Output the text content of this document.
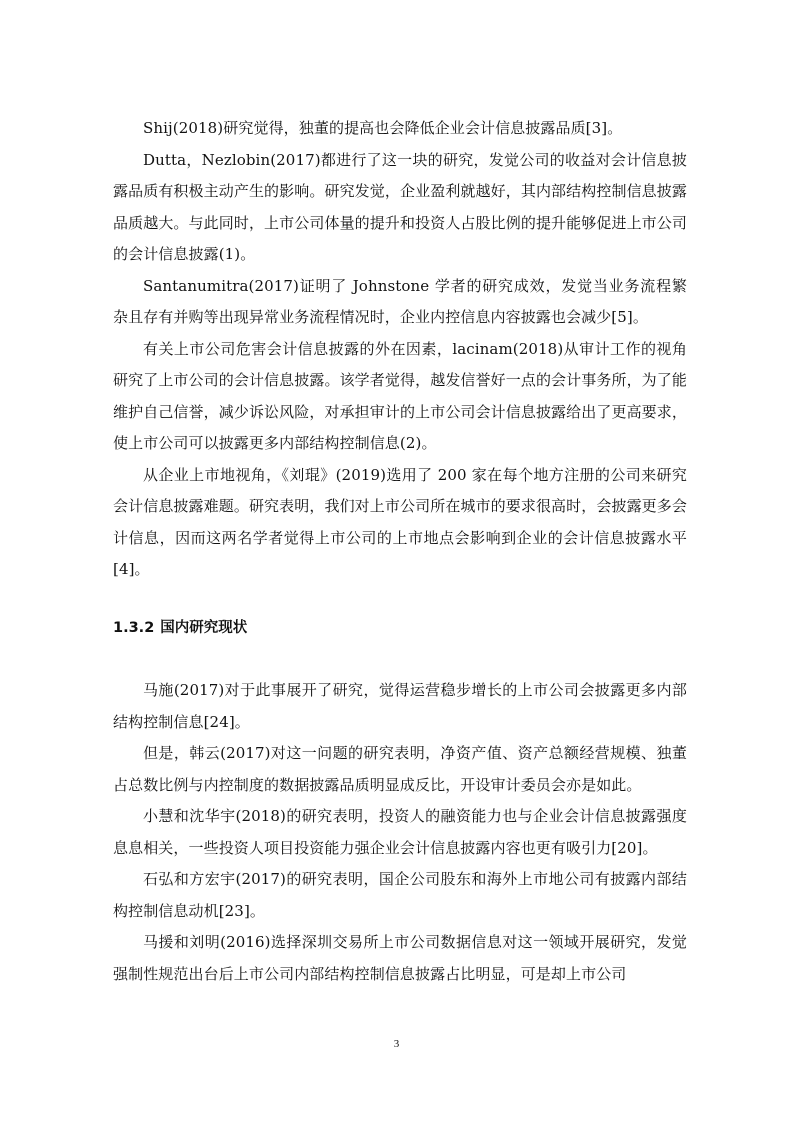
Shij(2018)研究觉得，独董的提高也会降低企业会计信息披露品质[3]。

Dutta，Nezlobin(2017)都进行了这一块的研究，发觉公司的收益对会计信息披露品质有积极主动产生的影响。研究发觉，企业盈利就越好，其内部结构控制信息披露品质越大。与此同时，上市公司体量的提升和投资人占股比例的提升能够促进上市公司的会计信息披露(1)。

Santanumitra(2017)证明了 Johnstone 学者的研究成效，发觉当业务流程繁杂且存有并购等出现异常业务流程情况时，企业内控信息内容披露也会减少[5]。

有关上市公司危害会计信息披露的外在因素，lacinam(2018)从审计工作的视角研究了上市公司的会计信息披露。该学者觉得，越发信誉好一点的会计事务所，为了能维护自己信誉，减少诉讼风险，对承担审计的上市公司会计信息披露给出了更高要求，使上市公司可以披露更多内部结构控制信息(2)。

从企业上市地视角，《刘琨》(2019)选用了 200 家在每个地方注册的公司来研究会计信息披露难题。研究表明，我们对上市公司所在城市的要求很高时，会披露更多会计信息，因而这两名学者觉得上市公司的上市地点会影响到企业的会计信息披露水平[4]。

1.3.2 国内研究现状

马施(2017)对于此事展开了研究，觉得运营稳步增长的上市公司会披露更多内部结构控制信息[24]。

但是，韩云(2017)对这一问题的研究表明，净资产值、资产总额经营规模、独董占总数比例与内控制度的数据披露品质明显成反比，开设审计委员会亦是如此。

小慧和沈华宇(2018)的研究表明，投资人的融资能力也与企业会计信息披露强度息息相关，一些投资人项目投资能力强企业会计信息披露内容也更有吸引力[20]。

石弘和方宏宇(2017)的研究表明，国企公司股东和海外上市地公司有披露内部结构控制信息动机[23]。

马援和刘明(2016)选择深圳交易所上市公司数据信息对这一领域开展研究，发觉强制性规范出台后上市公司内部结构控制信息披露占比明显，可是却上市公司

3
